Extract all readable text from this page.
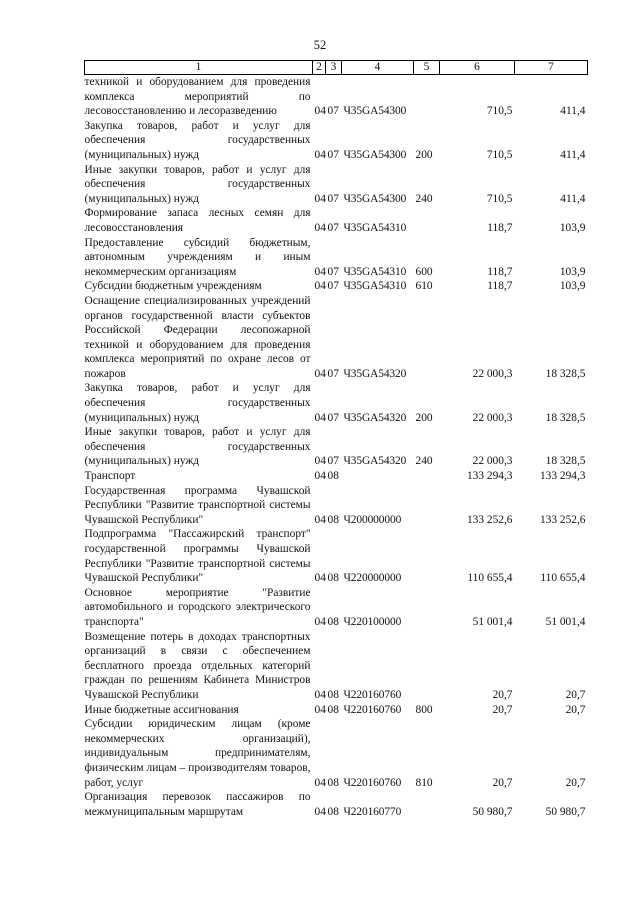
52
1	2	3	4	5	6	7
техникой и оборудованием для проведения комплекса мероприятий по лесовосстановлению и лесоразведению	04	07	Ч35GA54300		710,5	411,4
Закупка товаров, работ и услуг для обеспечения государственных (муниципальных) нужд	04	07	Ч35GA54300	200	710,5	411,4
Иные закупки товаров, работ и услуг для обеспечения государственных (муниципальных) нужд	04	07	Ч35GA54300	240	710,5	411,4
Формирование запаса лесных семян для лесовосстановления	04	07	Ч35GA54310		118,7	103,9
Предоставление субсидий бюджетным, автономным учреждениям и иным некоммерческим организациям	04	07	Ч35GA54310	600	118,7	103,9
Субсидии бюджетным учреждениям	04	07	Ч35GA54310	610	118,7	103,9
Оснащение специализированных учреждений органов государственной власти субъектов Российской Федерации лесопожарной техникой и оборудованием для проведения комплекса мероприятий по охране лесов от пожаров	04	07	Ч35GA54320		22 000,3	18 328,5
Закупка товаров, работ и услуг для обеспечения государственных (муниципальных) нужд	04	07	Ч35GA54320	200	22 000,3	18 328,5
Иные закупки товаров, работ и услуг для обеспечения государственных (муниципальных) нужд	04	07	Ч35GA54320	240	22 000,3	18 328,5
Транспорт	04	08			133 294,3	133 294,3
Государственная программа Чувашской Республики "Развитие транспортной системы Чувашской Республики"	04	08	Ч200000000		133 252,6	133 252,6
Подпрограмма "Пассажирский транспорт" государственной программы Чувашской Республики "Развитие транспортной системы Чувашской Республики"	04	08	Ч220000000		110 655,4	110 655,4
Основное мероприятие "Развитие автомобильного и городского электрического транспорта"	04	08	Ч220100000		51 001,4	51 001,4
Возмещение потерь в доходах транспортных организаций в связи с обеспечением бесплатного проезда отдельных категорий граждан по решениям Кабинета Министров Чувашской Республики	04	08	Ч220160760		20,7	20,7
Иные бюджетные ассигнования	04	08	Ч220160760	800	20,7	20,7
Субсидии юридическим лицам (кроме некоммерческих организаций), индивидуальным предпринимателям, физическим лицам – производителям товаров, работ, услуг	04	08	Ч220160760	810	20,7	20,7
Организация перевозок пассажиров по межмуниципальным маршрутам	04	08	Ч220160770		50 980,7	50 980,7
